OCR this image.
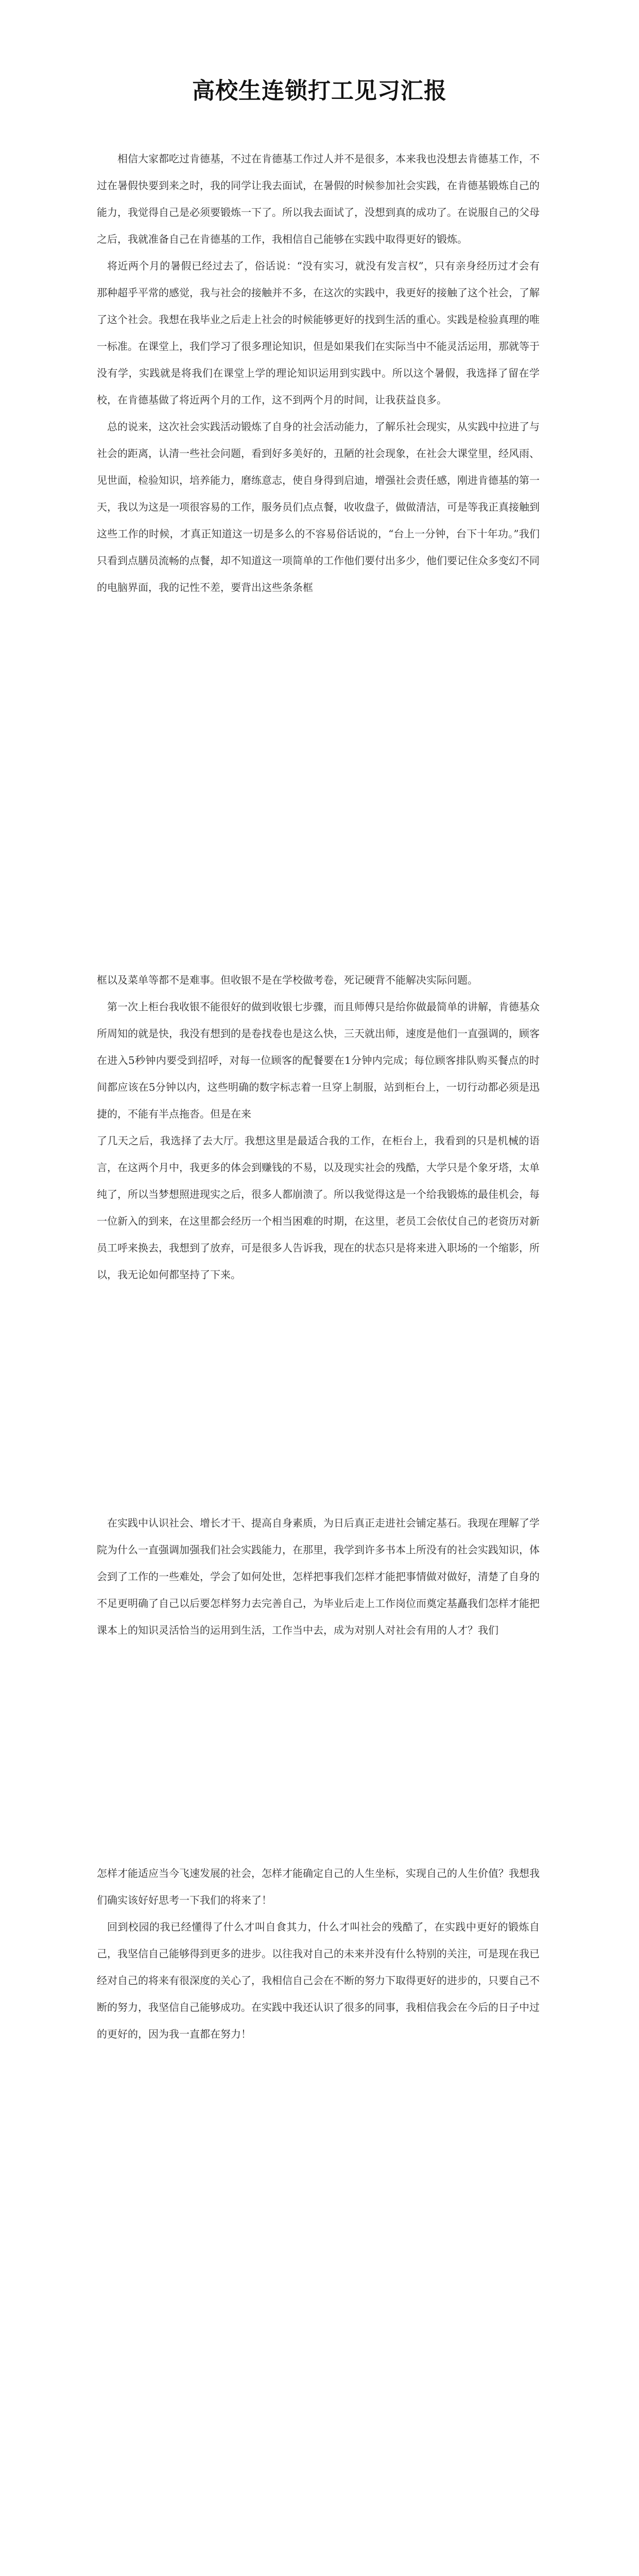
高校生连锁打工见习汇报

相信大家都吃过肯德基，不过在肯德基工作过人并不是很多，本来我也没想去肯德基工作，不过在暑假快要到来之时，我的同学让我去面试，在暑假的时候参加社会实践，在肯德基锻炼自己的能力，我觉得自己是必须要锻炼一下了。所以我去面试了，没想到真的成功了。在说服自己的父母之后，我就准备自己在肯德基的工作，我相信自己能够在实践中取得更好的锻炼。

将近两个月的暑假已经过去了，俗话说：“没有实习，就没有发言权”，只有亲身经历过才会有那种超乎平常的感觉，我与社会的接触并不多，在这次的实践中，我更好的接触了这个社会，了解了这个社会。我想在我毕业之后走上社会的时候能够更好的找到生活的重心。实践是检验真理的唯一标准。在课堂上，我们学习了很多理论知识，但是如果我们在实际当中不能灵活运用，那就等于没有学，实践就是将我们在课堂上学的理论知识运用到实践中。所以这个暑假，我选择了留在学校，在肯德基做了将近两个月的工作，这不到两个月的时间，让我获益良多。

总的说来，这次社会实践活动锻炼了自身的社会活动能力，了解乐社会现实，从实践中拉进了与社会的距离，认清一些社会问题，看到好多美好的，丑陋的社会现象，在社会大课堂里，经风雨、见世面，检验知识，培养能力，磨练意志，使自身得到启迪，增强社会责任感，刚进肯德基的第一天，我以为这是一项很容易的工作，服务员们点点餐，收收盘子，做做清洁，可是等我正真接触到这些工作的时候，才真正知道这一切是多么的不容易俗话说的，“台上一分钟，台下十年功。”我们只看到点膳员流畅的点餐，却不知道这一项简单的工作他们要付出多少，他们要记住众多变幻不同的电脑界面，我的记性不差，要背出这些条条框

框以及菜单等都不是难事。但收银不是在学校做考卷，死记硬背不能解决实际问题。

第一次上柜台我收银不能很好的做到收银七步骤，而且师傅只是给你做最简单的讲解，肯德基众所周知的就是快，我没有想到的是卷找卷也是这么快，三天就出师，速度是他们一直强调的，顾客在进入5秒钟内要受到招呼，对每一位顾客的配餐要在1分钟内完成；每位顾客排队购买餐点的时间都应该在5分钟以内，这些明确的数字标志着一旦穿上制服，站到柜台上，一切行动都必须是迅捷的，不能有半点拖沓。但是在来

了几天之后，我选择了去大厅。我想这里是最适合我的工作，在柜台上，我看到的只是机械的语言，在这两个月中，我更多的体会到赚钱的不易，以及现实社会的残酷，大学只是个象牙塔，太单纯了，所以当梦想照进现实之后，很多人都崩溃了。所以我觉得这是一个给我锻炼的最佳机会，每一位新入的到来，在这里都会经历一个相当困难的时期，在这里，老员工会依仗自己的老资历对新员工呼来换去，我想到了放弃，可是很多人告诉我，现在的状态只是将来进入职场的一个缩影，所以，我无论如何都坚持了下来。

在实践中认识社会、增长才干、提高自身素质，为日后真正走进社会铺定基石。我现在理解了学院为什么一直强调加强我们社会实践能力，在那里，我学到许多书本上所没有的社会实践知识，体会到了工作的一些难处，学会了如何处世，怎样把事我们怎样才能把事情做对做好，清楚了自身的不足更明确了自己以后要怎样努力去完善自己，为毕业后走上工作岗位而奠定基矗我们怎样才能把课本上的知识灵活恰当的运用到生活，工作当中去，成为对别人对社会有用的人才？我们

怎样才能适应当今飞速发展的社会，怎样才能确定自己的人生坐标，实现自己的人生价值？我想我们确实该好好思考一下我们的将来了！

回到校园的我已经懂得了什么才叫自食其力，什么才叫社会的残酷了，在实践中更好的锻炼自己，我坚信自己能够得到更多的进步。以往我对自己的未来并没有什么特别的关注，可是现在我已经对自己的将来有很深度的关心了，我相信自己会在不断的努力下取得更好的进步的，只要自己不断的努力，我坚信自己能够成功。在实践中我还认识了很多的同事，我相信我会在今后的日子中过的更好的，因为我一直都在努力！
